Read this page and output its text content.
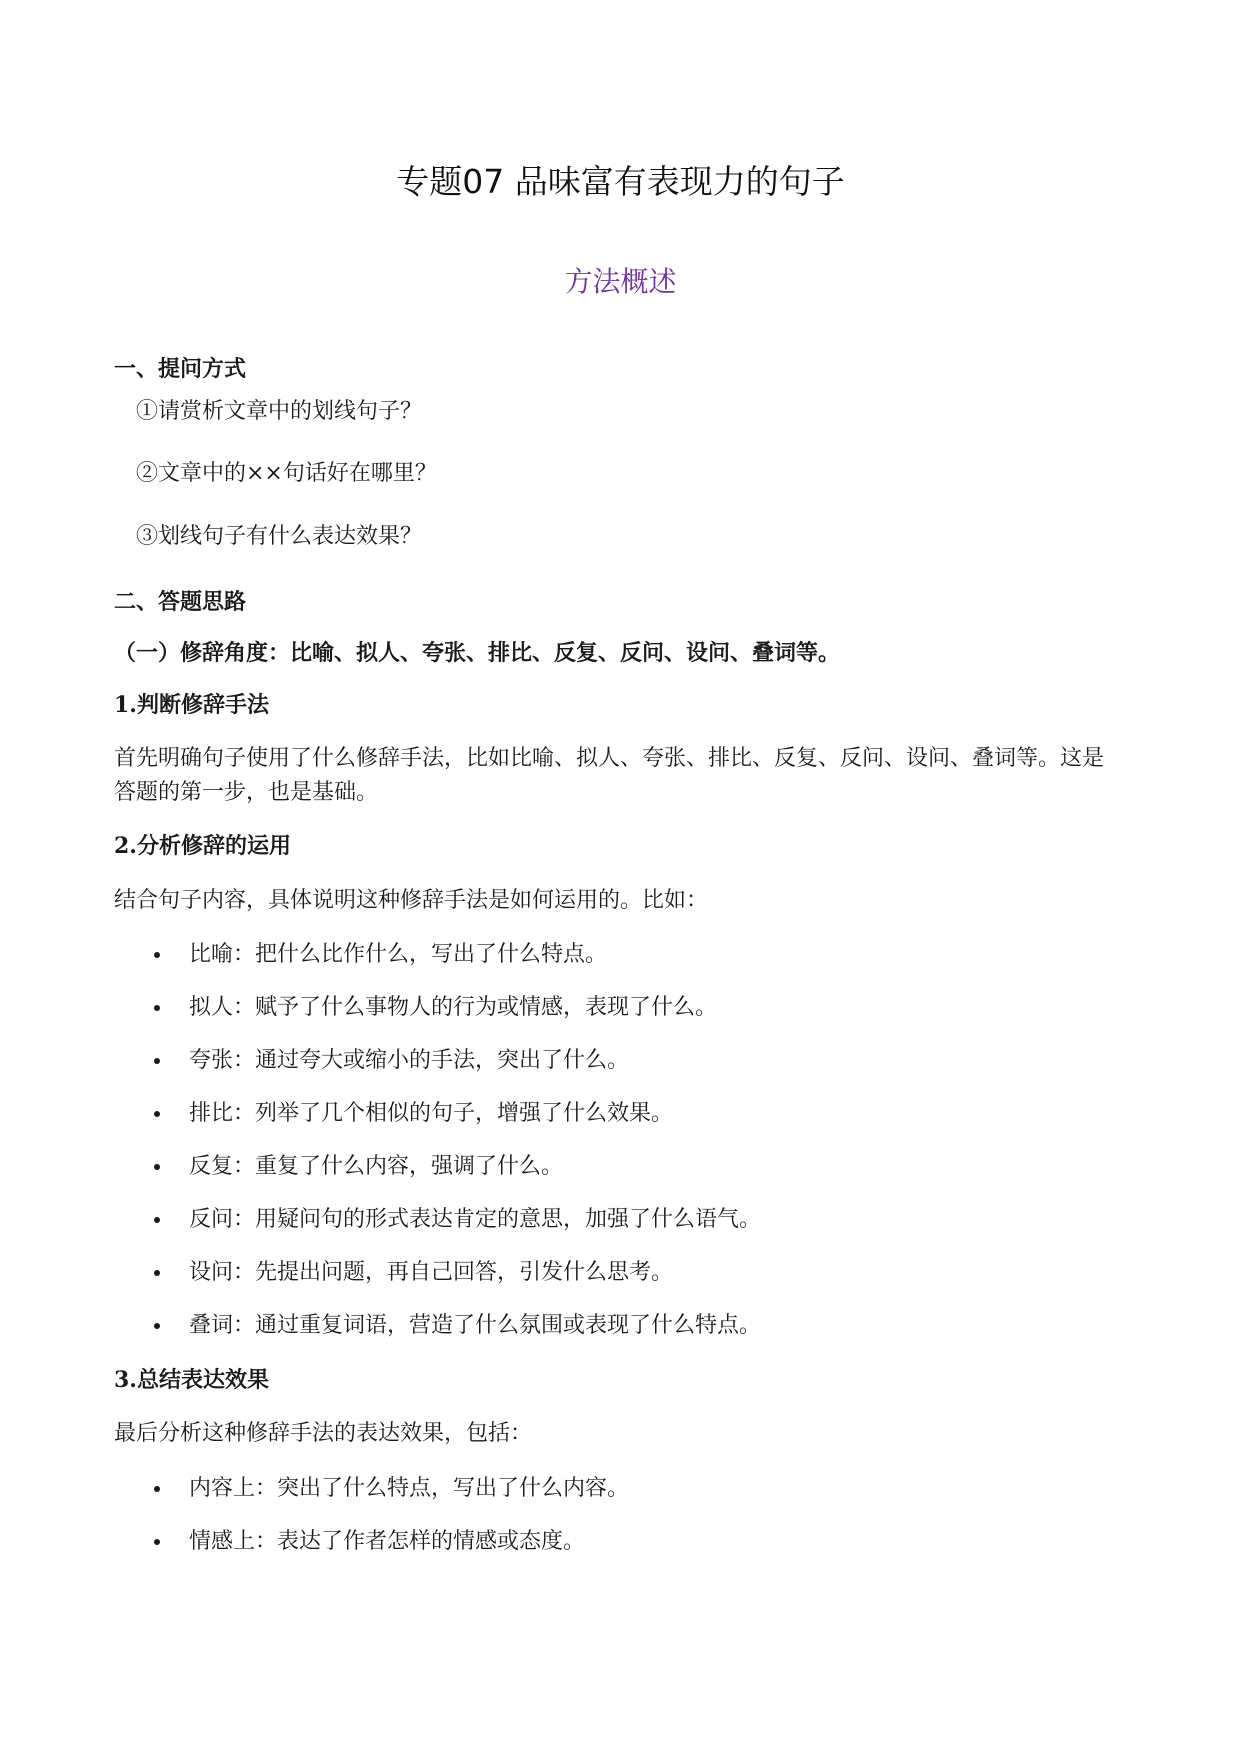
专题07 品味富有表现力的句子
方法概述
一、提问方式
①请赏析文章中的划线句子？
②文章中的××句话好在哪里？
③划线句子有什么表达效果？
二、答题思路
（一）修辞角度：比喻、拟人、夸张、排比、反复、反问、设问、叠词等。
1.判断修辞手法
首先明确句子使用了什么修辞手法，比如比喻、拟人、夸张、排比、反复、反问、设问、叠词等。这是答题的第一步，也是基础。
2.分析修辞的运用
结合句子内容，具体说明这种修辞手法是如何运用的。比如：
比喻：把什么比作什么，写出了什么特点。
拟人：赋予了什么事物人的行为或情感，表现了什么。
夸张：通过夸大或缩小的手法，突出了什么。
排比：列举了几个相似的句子，增强了什么效果。
反复：重复了什么内容，强调了什么。
反问：用疑问句的形式表达肯定的意思，加强了什么语气。
设问：先提出问题，再自己回答，引发什么思考。
叠词：通过重复词语，营造了什么氛围或表现了什么特点。
3.总结表达效果
最后分析这种修辞手法的表达效果，包括：
内容上：突出了什么特点，写出了什么内容。
情感上：表达了作者怎样的情感或态度。
